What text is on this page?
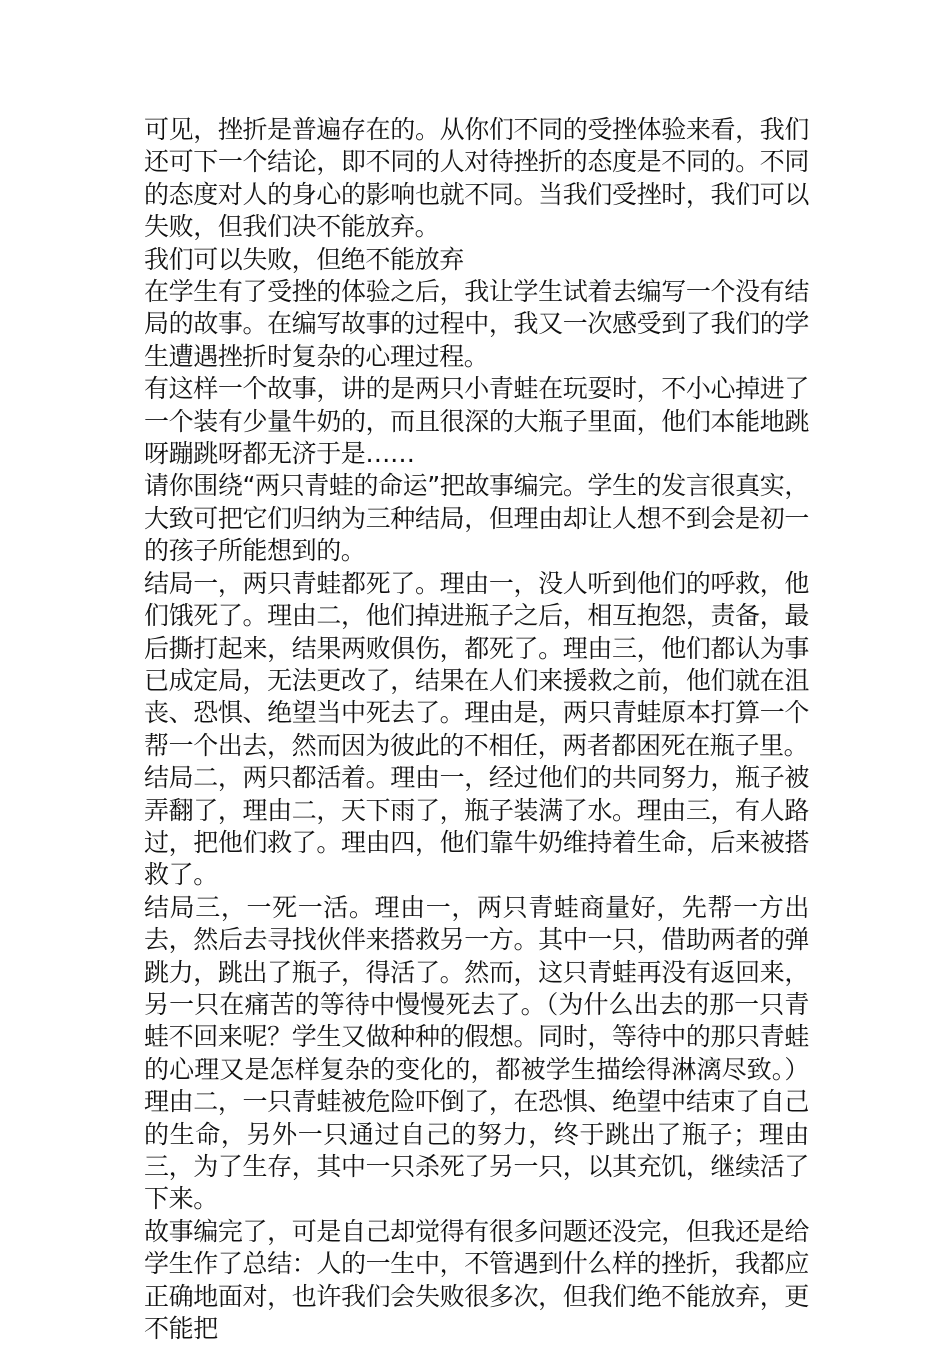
可见，挫折是普遍存在的。从你们不同的受挫体验来看，我们还可下一个结论，即不同的人对待挫折的态度是不同的。不同的态度对人的身心的影响也就不同。当我们受挫时，我们可以失败，但我们决不能放弃。

我们可以失败，但绝不能放弃

在学生有了受挫的体验之后，我让学生试着去编写一个没有结局的故事。在编写故事的过程中，我又一次感受到了我们的学生遭遇挫折时复杂的心理过程。

有这样一个故事，讲的是两只小青蛙在玩耍时，不小心掉进了一个装有少量牛奶的，而且很深的大瓶子里面，他们本能地跳呀蹦跳呀都无济于是……

请你围绕“两只青蛙的命运”把故事编完。学生的发言很真实，大致可把它们归纳为三种结局，但理由却让人想不到会是初一的孩子所能想到的。

结局一，两只青蛙都死了。理由一，没人听到他们的呼救，他们饿死了。理由二，他们掉进瓶子之后，相互抱怨，责备，最后撕打起来，结果两败俱伤，都死了。理由三，他们都认为事已成定局，无法更改了，结果在人们来援救之前，他们就在沮丧、恐惧、绝望当中死去了。理由是，两只青蛙原本打算一个帮一个出去，然而因为彼此的不相任，两者都困死在瓶子里。

结局二，两只都活着。理由一，经过他们的共同努力，瓶子被弄翻了，理由二，天下雨了，瓶子装满了水。理由三，有人路过，把他们救了。理由四，他们靠牛奶维持着生命，后来被搭救了。

结局三，一死一活。理由一，两只青蛙商量好，先帮一方出去，然后去寻找伙伴来搭救另一方。其中一只，借助两者的弹跳力，跳出了瓶子，得活了。然而，这只青蛙再没有返回来，另一只在痛苦的等待中慢慢死去了。（为什么出去的那一只青蛙不回来呢？学生又做种种的假想。同时，等待中的那只青蛙的心理又是怎样复杂的变化的，都被学生描绘得淋漓尽致。）理由二，一只青蛙被危险吓倒了，在恐惧、绝望中结束了自己的生命，另外一只通过自己的努力，终于跳出了瓶子；理由三，为了生存，其中一只杀死了另一只，以其充饥，继续活了下来。

故事编完了，可是自己却觉得有很多问题还没完，但我还是给学生作了总结：人的一生中，不管遇到什么样的挫折，我都应正确地面对，也许我们会失败很多次，但我们绝不能放弃，更不能把
